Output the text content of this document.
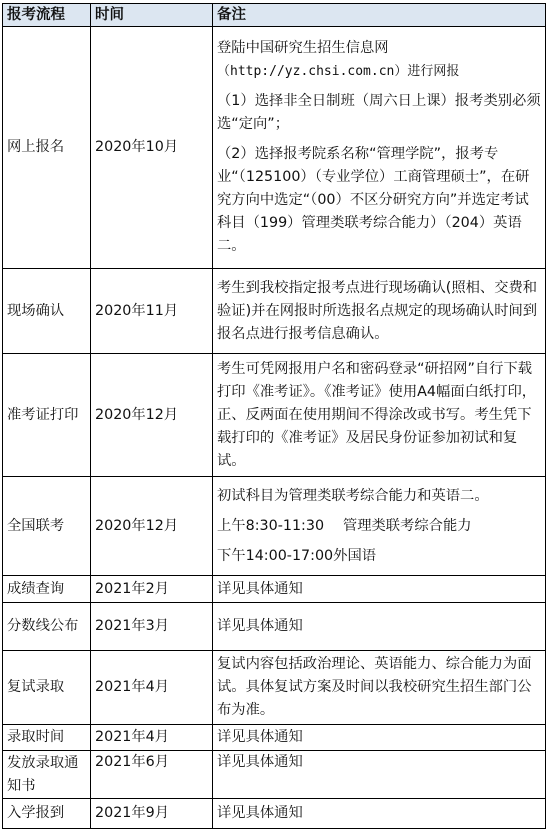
报考流程	时间	备注
网上报名	2020年10月	登陆中国研究生招生信息网

（http://yz.chsi.com.cn）进行网报

（1）选择非全日制班（周六日上课）报考类别必须选“定向”；

（2）选择报考院系名称“管理学院”，报考专业“（125100）（专业学位）工商管理硕士”，在研究方向中选定“（00）不区分研究方向”并选定考试　 科目（199）管理类联考综合能力）（204）英语二。

现场确认	2020年11月	考生到我校指定报考点进行现场确认(照相、交费和验证)并在网报时所选报名点规定的现场确认时间到报名点进行报考信息确认。

准考证打印	2020年12月	考生可凭网报用户名和密码登录“研招网”自行下载打印《准考证》。《准考证》使用A4幅面白纸打印，正、反两面在使用期间不得涂改或书写。考生凭下载打印的《准考证》及居民身份证参加初试和复试。

全国联考	2020年12月	初试科目为管理类联考综合能力和英语二。

上午8:30-11:30　 管理类联考综合能力

下午14:00-17:00外国语

成绩查询	2021年2月	详见具体通知
分数线公布	2021年3月	详见具体通知
复试录取	2021年4月	复试内容包括政治理论、英语能力、综合能力为面试。具体复试方案及时间以我校研究生招生部门公布为准。

录取时间	2021年4月	详见具体通知
发放录取通知书	2021年6月	详见具体通知
入学报到	2021年9月	详见具体通知
